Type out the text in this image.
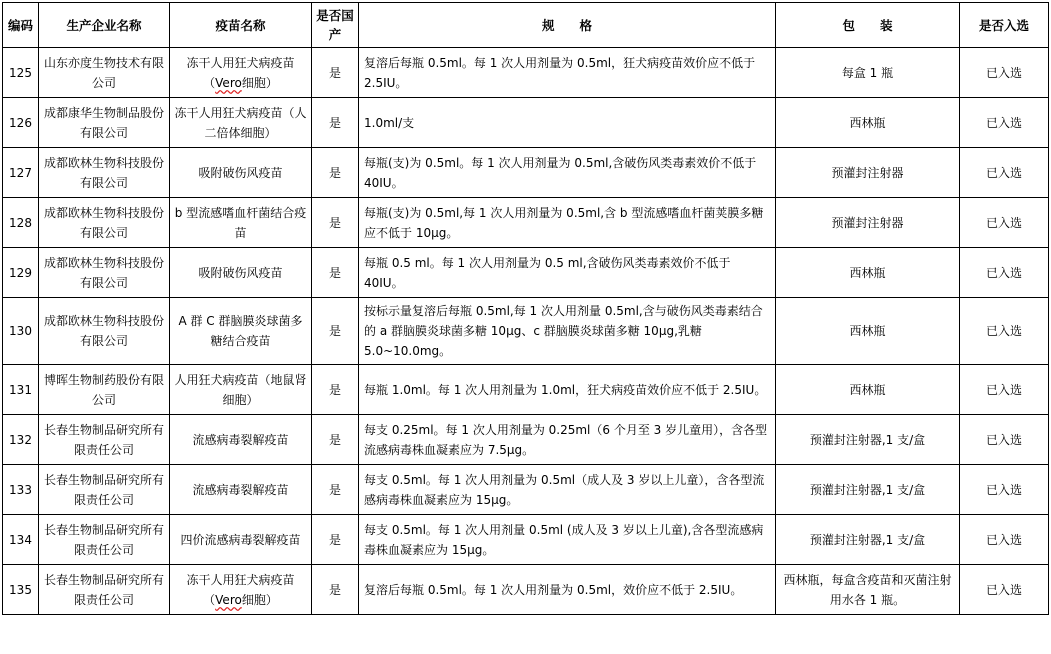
编码	生产企业名称	疫苗名称	是否国产	规　　格	包　　装	是否入选
125	山东亦度生物技术有限公司	冻干人用狂犬病疫苗（Vero细胞）	是	复溶后每瓶 0.5ml。每 1 次人用剂量为 0.5ml，狂犬病疫苗效价应不低于 2.5IU。	每盒 1 瓶	已入选
126	成都康华生物制品股份有限公司	冻干人用狂犬病疫苗（人二倍体细胞）	是	1.0ml/支	西林瓶	已入选
127	成都欧林生物科技股份有限公司	吸附破伤风疫苗	是	每瓶(支)为 0.5ml。每 1 次人用剂量为 0.5ml,含破伤风类毒素效价不低于 40IU。	预灌封注射器	已入选
128	成都欧林生物科技股份有限公司	b 型流感嗜血杆菌结合疫苗	是	每瓶(支)为 0.5ml,每 1 次人用剂量为 0.5ml,含 b 型流感嗜血杆菌荚膜多糖应不低于 10μg。	预灌封注射器	已入选
129	成都欧林生物科技股份有限公司	吸附破伤风疫苗	是	每瓶 0.5 ml。每 1 次人用剂量为 0.5 ml,含破伤风类毒素效价不低于 40IU。	西林瓶	已入选
130	成都欧林生物科技股份有限公司	A 群 C 群脑膜炎球菌多糖结合疫苗	是	按标示量复溶后每瓶 0.5ml,每 1 次人用剂量 0.5ml,含与破伤风类毒素结合的 a 群脑膜炎球菌多糖 10μg、c 群脑膜炎球菌多糖 10μg,乳糖 5.0~10.0mg。	西林瓶	已入选
131	博晖生物制药股份有限公司	人用狂犬病疫苗（地鼠肾细胞）	是	每瓶 1.0ml。每 1 次人用剂量为 1.0ml，狂犬病疫苗效价应不低于 2.5IU。	西林瓶	已入选
132	长春生物制品研究所有限责任公司	流感病毒裂解疫苗	是	每支 0.25ml。每 1 次人用剂量为 0.25ml（6 个月至 3 岁儿童用），含各型流感病毒株血凝素应为 7.5μg。	预灌封注射器,1 支/盒	已入选
133	长春生物制品研究所有限责任公司	流感病毒裂解疫苗	是	每支 0.5ml。每 1 次人用剂量为 0.5ml（成人及 3 岁以上儿童），含各型流感病毒株血凝素应为 15μg。	预灌封注射器,1 支/盒	已入选
134	长春生物制品研究所有限责任公司	四价流感病毒裂解疫苗	是	每支 0.5ml。每 1 次人用剂量 0.5ml (成人及 3 岁以上儿童),含各型流感病毒株血凝素应为 15μg。	预灌封注射器,1 支/盒	已入选
135	长春生物制品研究所有限责任公司	冻干人用狂犬病疫苗（Vero细胞）	是	复溶后每瓶 0.5ml。每 1 次人用剂量为 0.5ml，效价应不低于 2.5IU。	西林瓶，每盒含疫苗和灭菌注射用水各 1 瓶。	已入选
